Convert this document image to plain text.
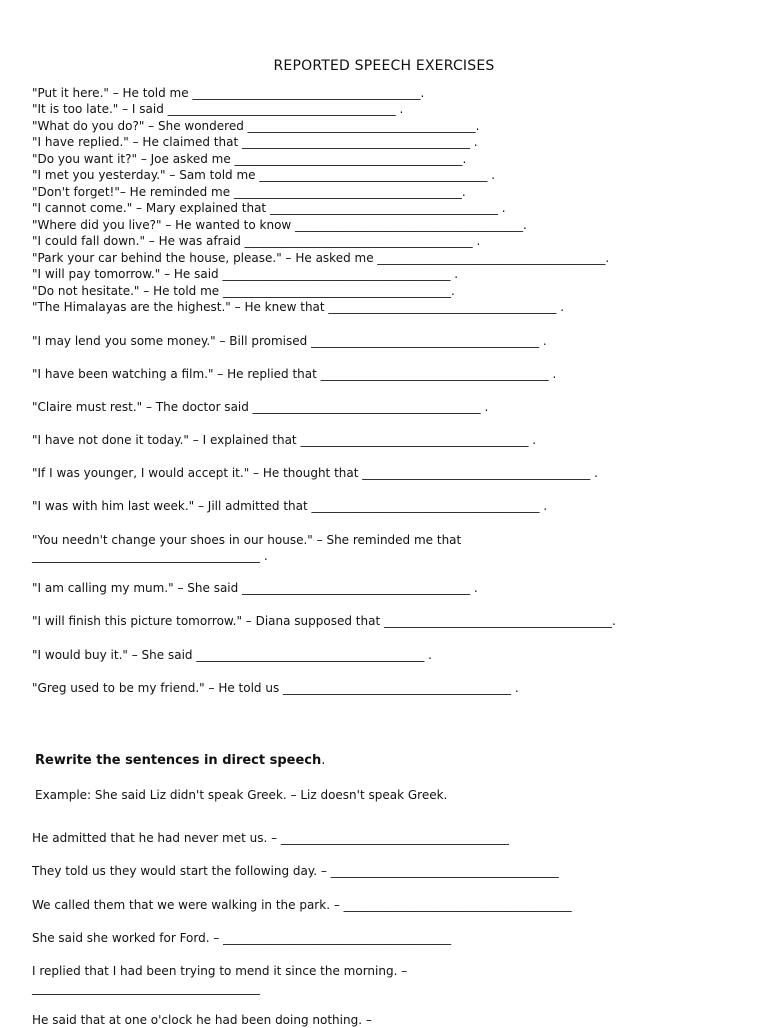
REPORTED SPEECH EXERCISES
"Put it here." – He told me ______________________________________.
"It is too late." – I said ______________________________________ .
"What do you do?" – She wondered ______________________________________.
"I have replied." – He claimed that ______________________________________ .
"Do you want it?" – Joe asked me ______________________________________.
"I met you yesterday." – Sam told me ______________________________________ .
"Don't forget!"– He reminded me ______________________________________.
"I cannot come." – Mary explained that ______________________________________ .
"Where did you live?" – He wanted to know ______________________________________.
"I could fall down." – He was afraid ______________________________________ .
"Park your car behind the house, please." – He asked me ______________________________________.
"I will pay tomorrow." – He said ______________________________________ .
"Do not hesitate." – He told me ______________________________________.
"The Himalayas are the highest." – He knew that ______________________________________ .
"I may lend you some money." – Bill promised ______________________________________ .
"I have been watching a film." – He replied that ______________________________________ .
"Claire must rest." – The doctor said ______________________________________ .
"I have not done it today." – I explained that ______________________________________ .
"If I was younger, I would accept it." – He thought that ______________________________________ .
"I was with him last week." – Jill admitted that ______________________________________ .
"You needn't change your shoes in our house." – She reminded me that
______________________________________ .
"I am calling my mum." – She said ______________________________________ .
"I will finish this picture tomorrow." – Diana supposed that ______________________________________.
"I would buy it." – She said ______________________________________ .
"Greg used to be my friend." – He told us ______________________________________ .
Rewrite the sentences in direct speech.
Example: She said Liz didn't speak Greek. – Liz doesn't speak Greek.
He admitted that he had never met us. – ______________________________________
They told us they would start the following day. – ______________________________________
We called them that we were walking in the park. – ______________________________________
She said she worked for Ford. – ______________________________________
I replied that I had been trying to mend it since the morning. –
______________________________________
He said that at one o'clock he had been doing nothing. –
